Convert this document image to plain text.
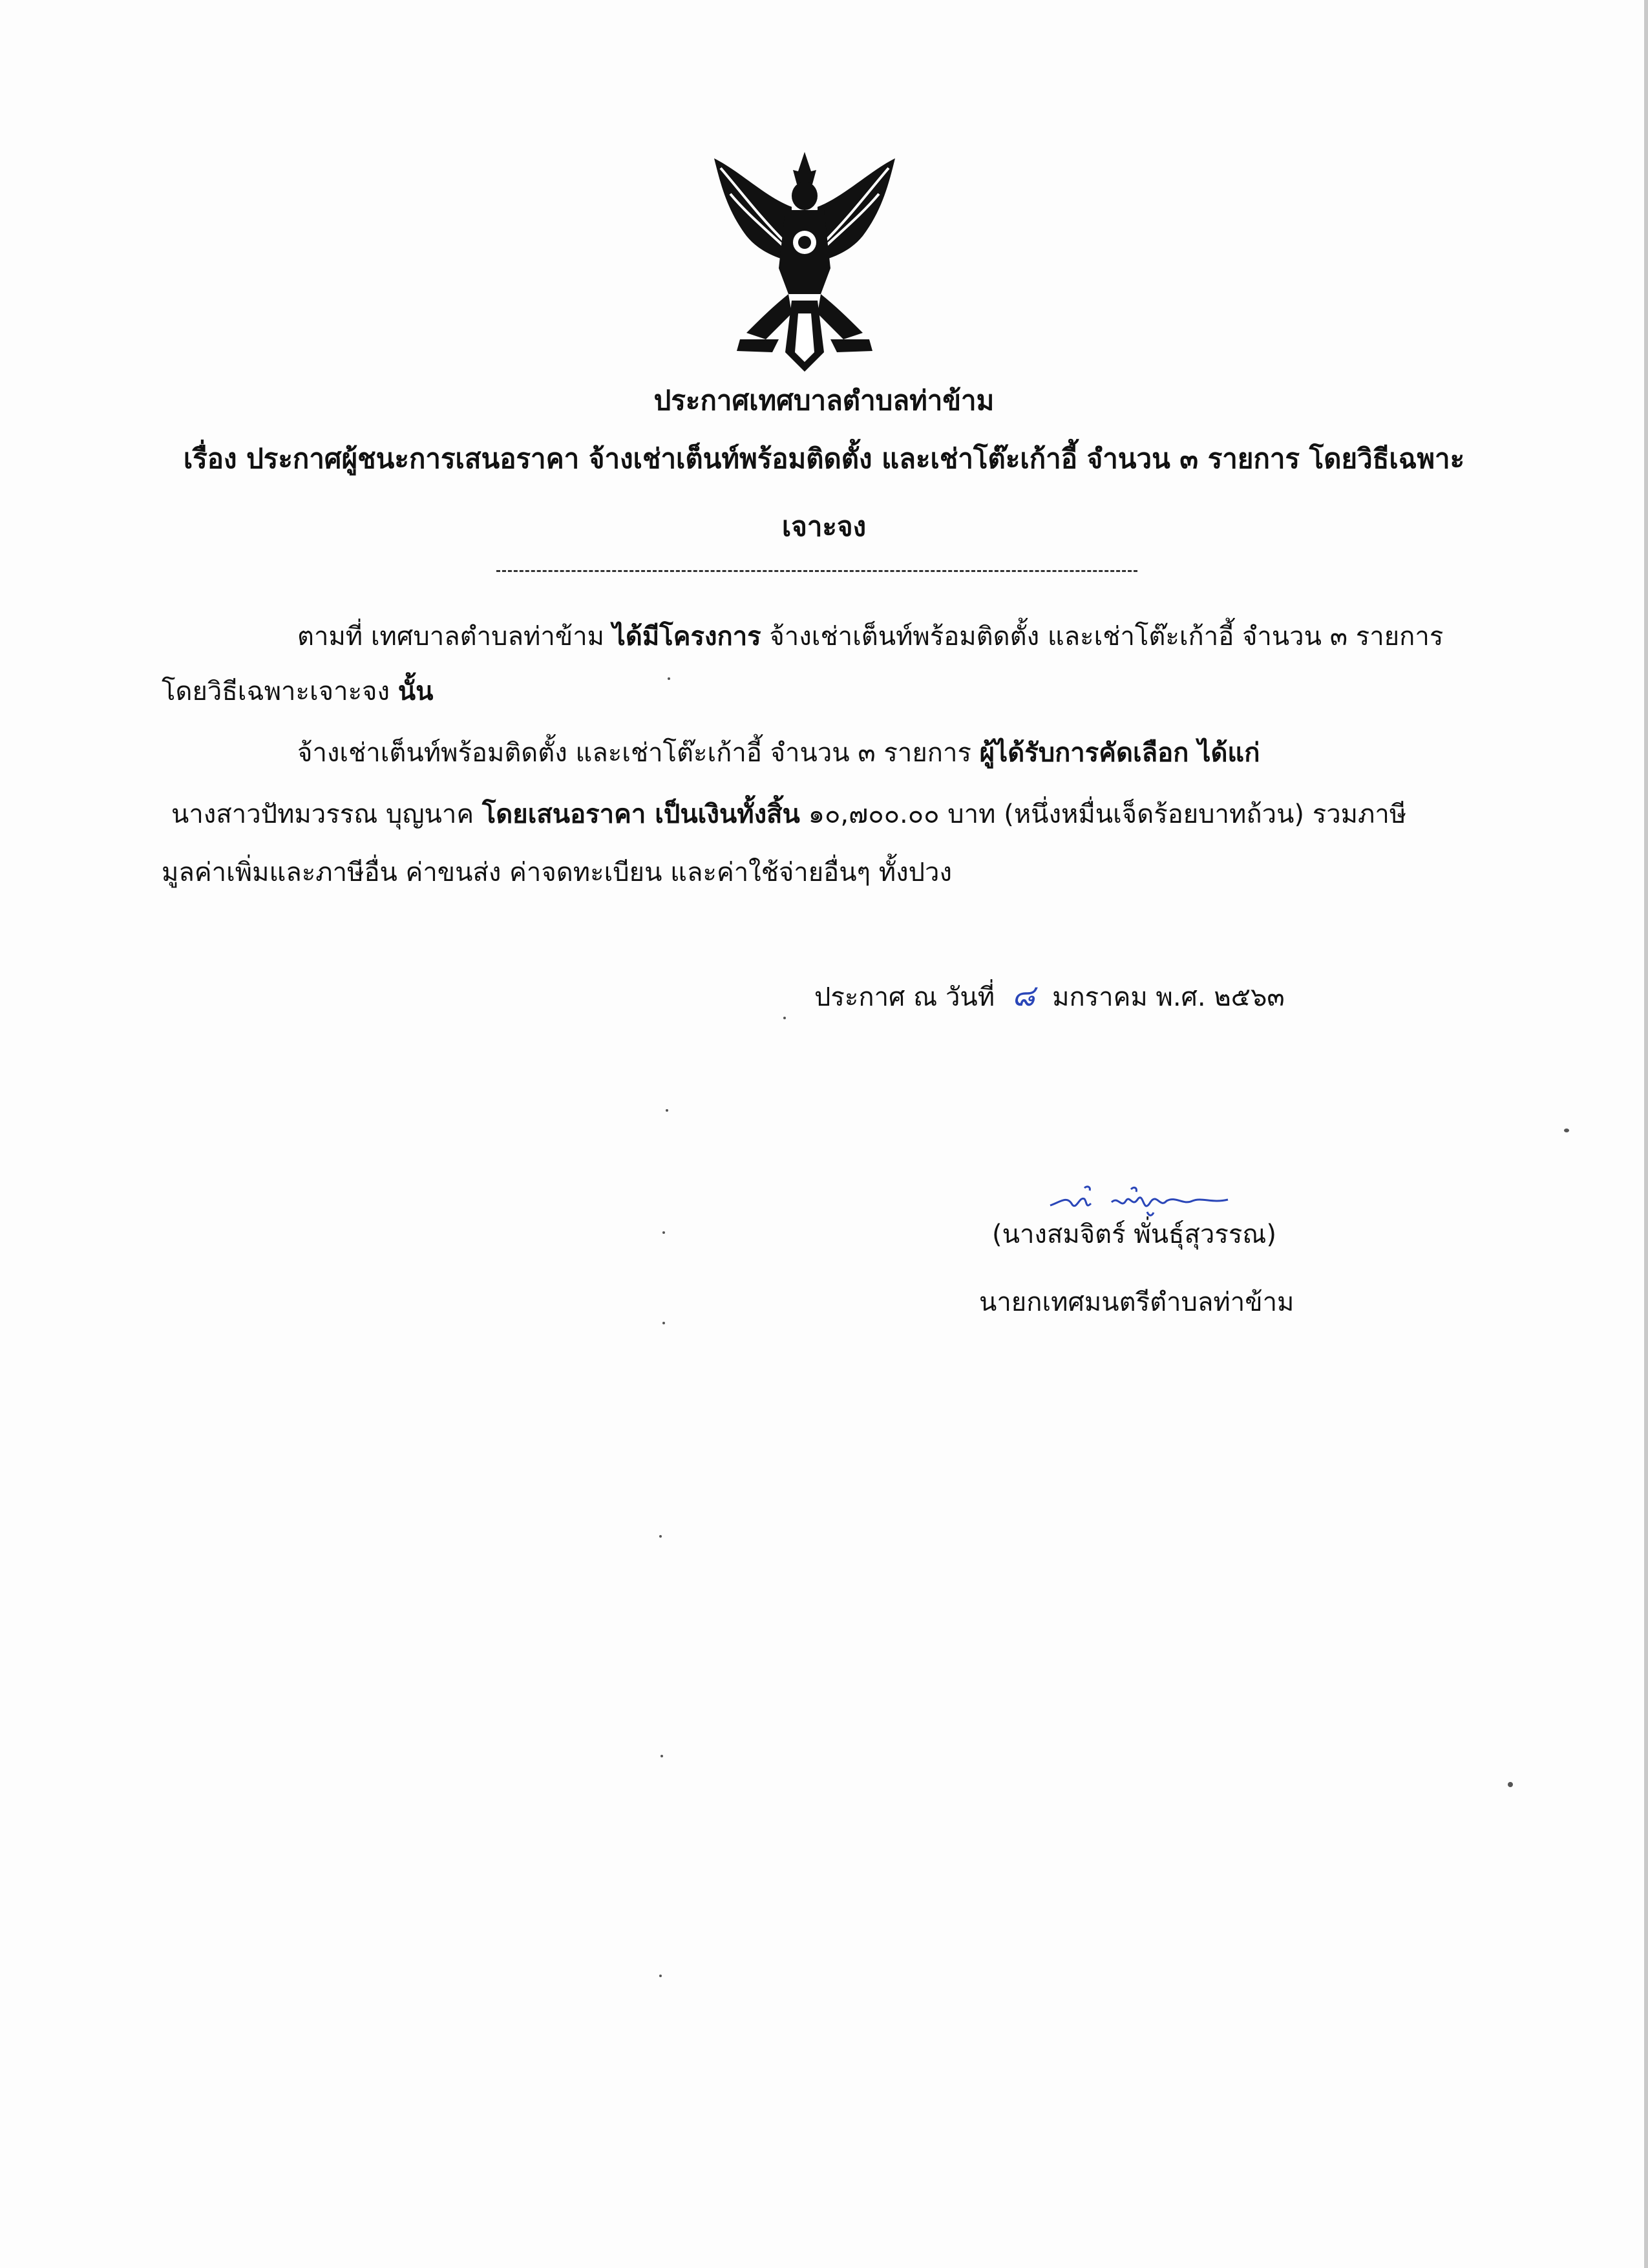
ประกาศเทศบาลตำบลท่าข้าม
เรื่อง ประกาศผู้ชนะการเสนอราคา จ้างเช่าเต็นท์พร้อมติดตั้ง และเช่าโต๊ะเก้าอี้ จำนวน ๓ รายการ โดยวิธีเฉพาะ
เจาะจง
ตามที่ เทศบาลตำบลท่าข้าม ได้มีโครงการ จ้างเช่าเต็นท์พร้อมติดตั้ง และเช่าโต๊ะเก้าอี้ จำนวน ๓ รายการ
โดยวิธีเฉพาะเจาะจง นั้น
จ้างเช่าเต็นท์พร้อมติดตั้ง และเช่าโต๊ะเก้าอี้ จำนวน ๓ รายการ ผู้ได้รับการคัดเลือก ได้แก่
นางสาวปัทมวรรณ บุญนาค โดยเสนอราคา เป็นเงินทั้งสิ้น ๑๐,๗๐๐.๐๐ บาท (หนึ่งหมื่นเจ็ดร้อยบาทถ้วน) รวมภาษี
มูลค่าเพิ่มและภาษีอื่น ค่าขนส่ง ค่าจดทะเบียน และค่าใช้จ่ายอื่นๆ ทั้งปวง
ประกาศ ณ วันที่ ๘ มกราคม พ.ศ. ๒๕๖๓
(นางสมจิตร์ พั่นธุ์สุวรรณ)
นายกเทศมนตรีตำบลท่าข้าม
